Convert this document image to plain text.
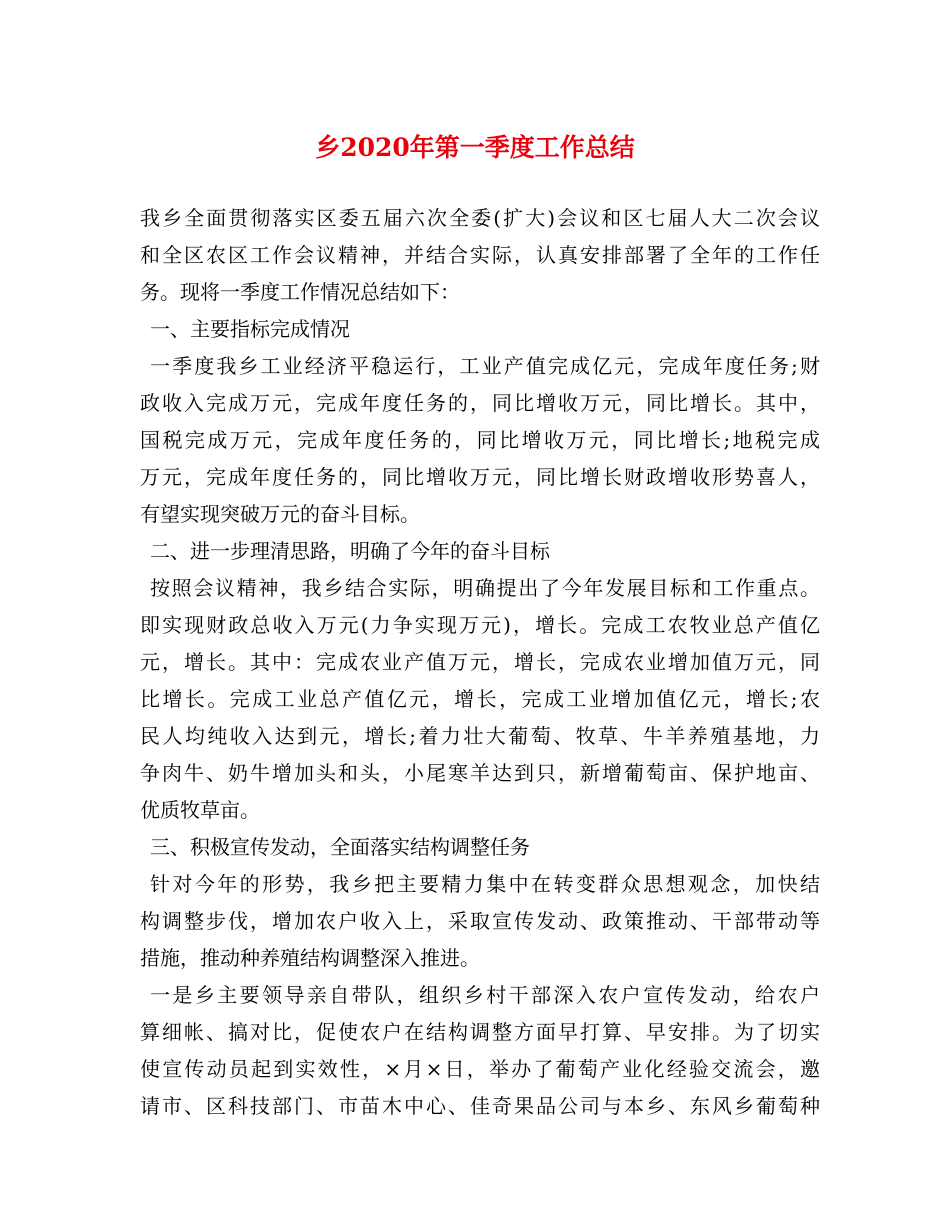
乡2020年第一季度工作总结
我乡全面贯彻落实区委五届六次全委(扩大)会议和区七届人大二次会议
和全区农区工作会议精神，并结合实际，认真安排部署了全年的工作任
务。现将一季度工作情况总结如下：
一、主要指标完成情况
一季度我乡工业经济平稳运行，工业产值完成亿元，完成年度任务;财
政收入完成万元，完成年度任务的，同比增收万元，同比增长。其中，
国税完成万元，完成年度任务的，同比增收万元，同比增长;地税完成
万元，完成年度任务的，同比增收万元，同比增长财政增收形势喜人，
有望实现突破万元的奋斗目标。
二、进一步理清思路，明确了今年的奋斗目标
按照会议精神，我乡结合实际，明确提出了今年发展目标和工作重点。
即实现财政总收入万元(力争实现万元)，增长。完成工农牧业总产值亿
元，增长。其中：完成农业产值万元，增长，完成农业增加值万元，同
比增长。完成工业总产值亿元，增长，完成工业增加值亿元，增长;农
民人均纯收入达到元，增长;着力壮大葡萄、牧草、牛羊养殖基地，力
争肉牛、奶牛增加头和头，小尾寒羊达到只，新增葡萄亩、保护地亩、
优质牧草亩。
三、积极宣传发动，全面落实结构调整任务
针对今年的形势，我乡把主要精力集中在转变群众思想观念，加快结
构调整步伐，增加农户收入上，采取宣传发动、政策推动、干部带动等
措施，推动种养殖结构调整深入推进。
一是乡主要领导亲自带队，组织乡村干部深入农户宣传发动，给农户
算细帐、搞对比，促使农户在结构调整方面早打算、早安排。为了切实
使宣传动员起到实效性，×月×日，举办了葡萄产业化经验交流会，邀
请市、区科技部门、市苗木中心、佳奇果品公司与本乡、东风乡葡萄种
